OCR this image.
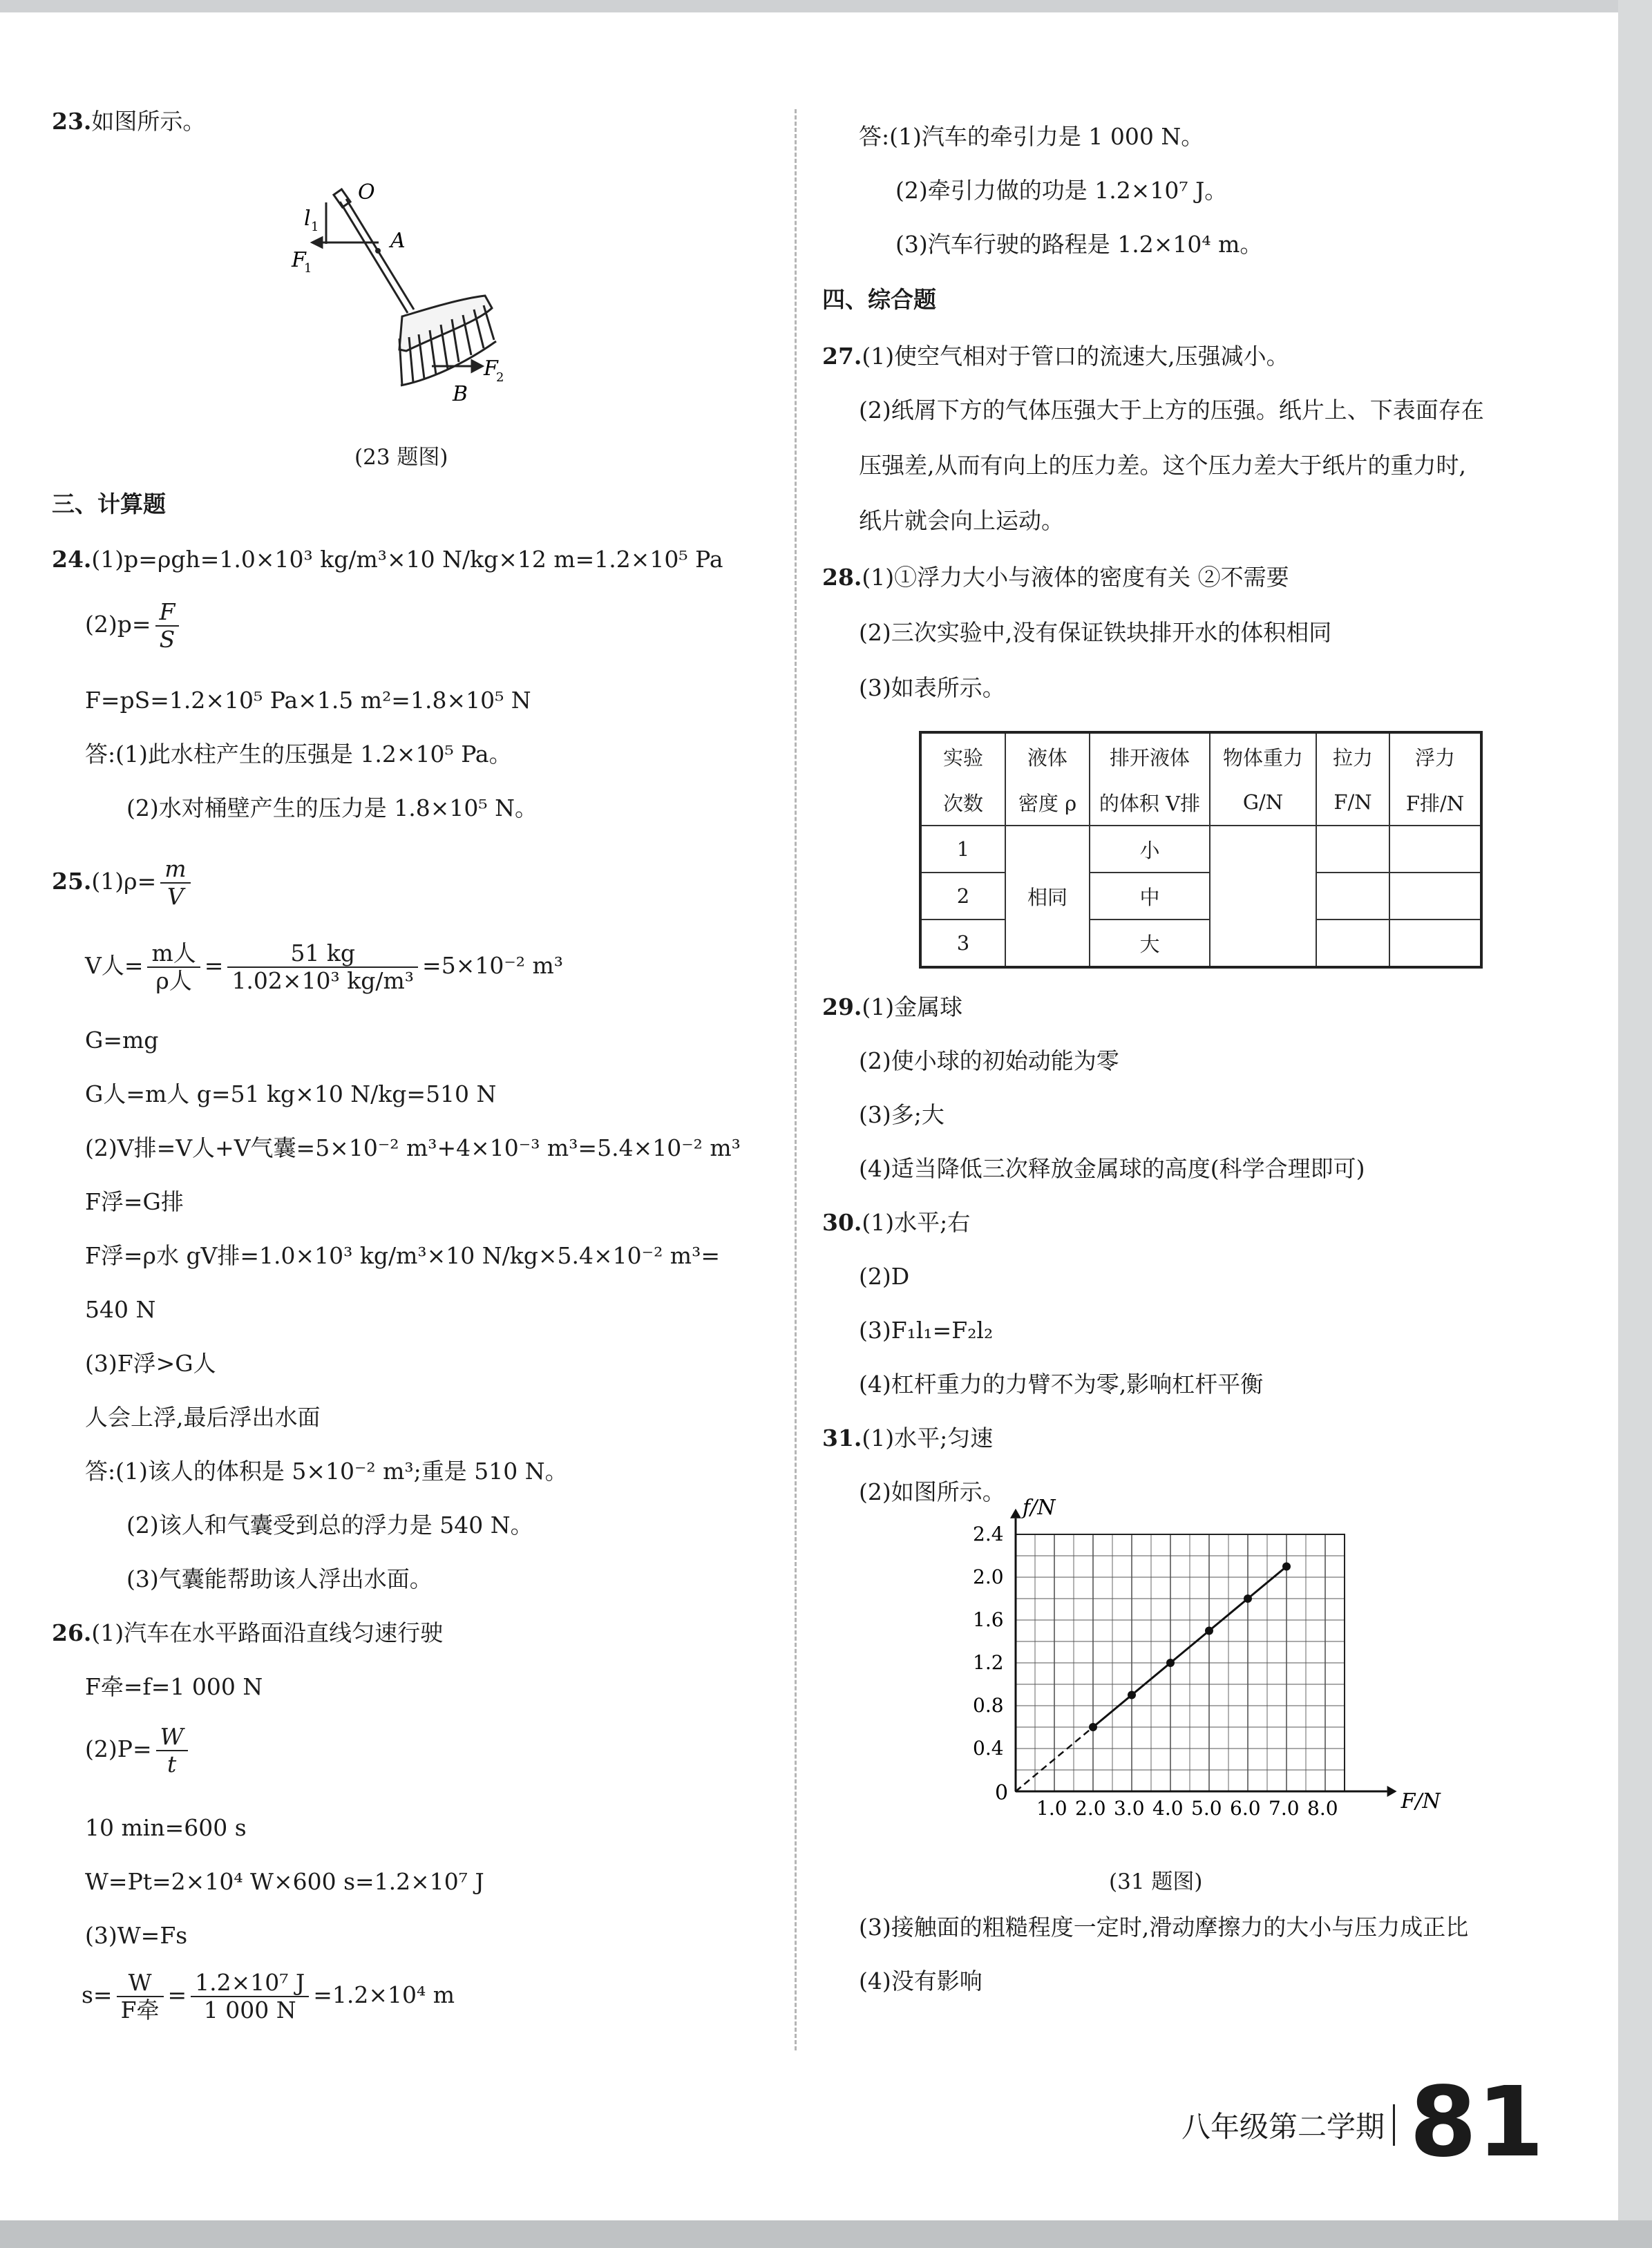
23.如图所示。
O
l 1
A
F
1
B
F
2
(23 题图)
三、计算题
24.(1)p=ρgh=1.0×10³ kg/m³×10 N/kg×12 m=1.2×10⁵ Pa
$(2)p= \frac{F}{S}$
F=pS=1.2×10⁵ Pa×1.5 m²=1.8×10⁵ N
答:(1)此水柱产生的压强是 1.2×10⁵ Pa。
(2)水对桶壁产生的压力是 1.8×10⁵ N。
$25.(1)\rho= \frac{m}{V}$
V人= $\frac{\text{m人}}{\text{ρ人}} = \frac{51 kg}{\text{1.02×10³ kg/m³}} =5\times 10^{-2}$ m³
G=mg
G人=m人 g=51 kg×10 N/kg=510 N
(2)V排=V人+V气囊=5×10⁻² m³+4×10⁻³ m³=5.4×10⁻² m³
F浮=G排
F浮=ρ水 gV排=1.0×10³ kg/m³×10 N/kg×5.4×10⁻² m³=
540 N
(3)F浮>G人
人会上浮,最后浮出水面
答:(1)该人的体积是 5×10⁻² m³;重是 510 N。
(2)该人和气囊受到总的浮力是 540 N。
(3)气囊能帮助该人浮出水面。
26.(1)汽车在水平路面沿直线匀速行驶
F牵=f=1 000 N
$(2)P= \frac{W}{t}$
10 min=600 s
W=Pt=2×10⁴ W×600 s=1.2×10⁷ J
(3)W=Fs
$s= \frac{W}{\text{F牵}} = \frac{\text{1.2×10⁷ J}}{1 000 N} =1.2\times 10^4$ m
答:(1)汽车的牵引力是 1 000 N。
(2)牵引力做的功是 1.2×10⁷ J。
(3)汽车行驶的路程是 1.2×10⁴ m。
四、综合题
27.(1)使空气相对于管口的流速大,压强减小。
(2)纸屑下方的气体压强大于上方的压强。纸片上、下表面存在
压强差,从而有向上的压力差。这个压力差大于纸片的重力时,
纸片就会向上运动。
28.(1)①浮力大小与液体的密度有关 ②不需要
(2)三次实验中,没有保证铁块排开水的体积相同
(3)如表所示。
实验	液体	排开液体	物体重力	拉力	浮力
次数	密度 ρ	的体积 V排	G/N	F/N	F排/N
1	相同	小			
2		中			
3		大			
29.(1)金属球
(2)使小球的初始动能为零
(3)多;大
(4)适当降低三次释放金属球的高度(科学合理即可)
30.(1)水平;右
(2)D
(3)F₁l₁=F₂l₂
(4)杠杆重力的力臂不为零,影响杠杆平衡
31.(1)水平;匀速
(2)如图所示。
1.0 2.0 3.0 4.0 5.0 6.0 7.0 8.0
0.4
0.8
1.2
1.6
2.0
2.4
F/N
f/N
0
(31 题图)
(3)接触面的粗糙程度一定时,滑动摩擦力的大小与压力成正比
(4)没有影响
八年级第二学期 81
